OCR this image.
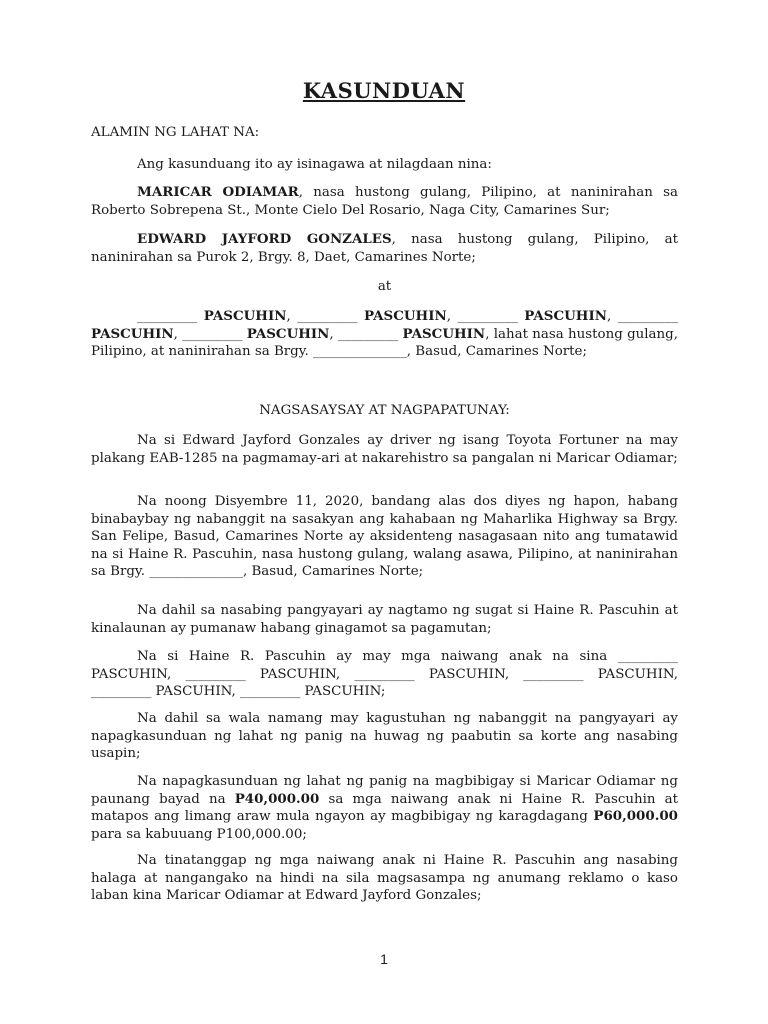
KASUNDUAN
ALAMIN NG LAHAT NA:
Ang kasunduang ito ay isinagawa at nilagdaan nina:
MARICAR ODIAMAR, nasa hustong gulang, Pilipino, at naninirahan sa Roberto Sobrepena St., Monte Cielo Del Rosario, Naga City, Camarines Sur;
EDWARD JAYFORD GONZALES, nasa hustong gulang, Pilipino, at naninirahan sa Purok 2, Brgy. 8, Daet, Camarines Norte;
at
_________ PASCUHIN, _________ PASCUHIN, _________ PASCUHIN, _________ PASCUHIN, _________ PASCUHIN, _________ PASCUHIN, lahat nasa hustong gulang, Pilipino, at naninirahan sa Brgy. ______________, Basud, Camarines Norte;
NAGSASAYSAY AT NAGPAPATUNAY:
Na si Edward Jayford Gonzales ay driver ng isang Toyota Fortuner na may plakang EAB-1285 na pagmamay-ari at nakarehistro sa pangalan ni Maricar Odiamar;
Na noong Disyembre 11, 2020, bandang alas dos diyes ng hapon, habang binabaybay ng nabanggit na sasakyan ang kahabaan ng Maharlika Highway sa Brgy. San Felipe, Basud, Camarines Norte ay aksidenteng nasagasaan nito ang tumatawid na si Haine R. Pascuhin, nasa hustong gulang, walang asawa, Pilipino, at naninirahan sa Brgy. ______________, Basud, Camarines Norte;
Na dahil sa nasabing pangyayari ay nagtamo ng sugat si Haine R. Pascuhin at kinalaunan ay pumanaw habang ginagamot sa pagamutan;
Na si Haine R. Pascuhin ay may mga naiwang anak na sina _________ PASCUHIN, _________ PASCUHIN, _________ PASCUHIN, _________ PASCUHIN, _________ PASCUHIN, _________ PASCUHIN;
Na dahil sa wala namang may kagustuhan ng nabanggit na pangyayari ay napagkasunduan ng lahat ng panig na huwag ng paabutin sa korte ang nasabing usapin;
Na napagkasunduan ng lahat ng panig na magbibigay si Maricar Odiamar ng paunang bayad na P40,000.00 sa mga naiwang anak ni Haine R. Pascuhin at matapos ang limang araw mula ngayon ay magbibigay ng karagdagang P60,000.00 para sa kabuuang P100,000.00;
Na tinatanggap ng mga naiwang anak ni Haine R. Pascuhin ang nasabing halaga at nangangako na hindi na sila magsasampa ng anumang reklamo o kaso laban kina Maricar Odiamar at Edward Jayford Gonzales;
1
